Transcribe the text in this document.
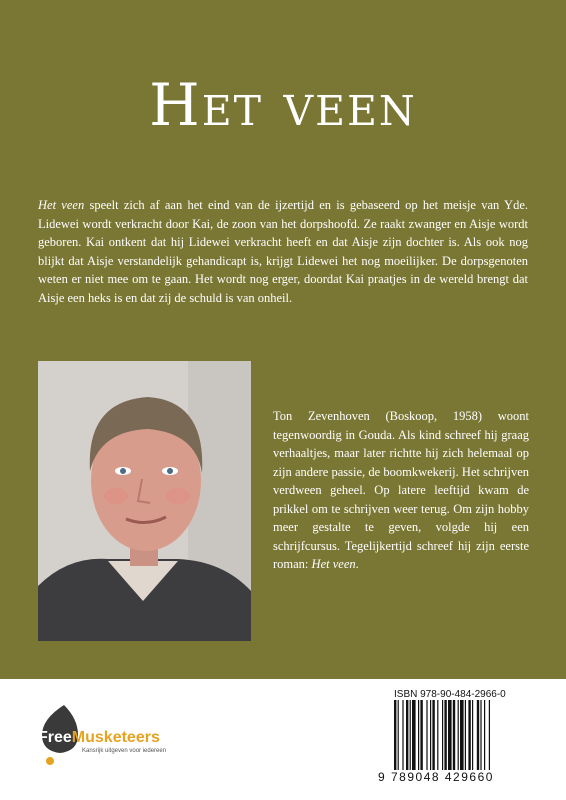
Het veen
Het veen speelt zich af aan het eind van de ijzertijd en is gebaseerd op het meisje van Yde. Lidewei wordt verkracht door Kai, de zoon van het dorpshoofd. Ze raakt zwanger en Aisje wordt geboren. Kai ontkent dat hij Lidewei verkracht heeft en dat Aisje zijn dochter is. Als ook nog blijkt dat Aisje verstandelijk gehandicapt is, krijgt Lidewei het nog moeilijker. De dorpsgenoten weten er niet mee om te gaan. Het wordt nog erger, doordat Kai praatjes in de wereld brengt dat Aisje een heks is en dat zij de schuld is van onheil.
Ton Zevenhoven (Boskoop, 1958) woont tegenwoordig in Gouda. Als kind schreef hij graag verhaaltjes, maar later richtte hij zich helemaal op zijn andere passie, de boomkwekerij. Het schrijven verdween geheel. Op latere leeftijd kwam de prikkel om te schrijven weer terug. Om zijn hobby meer gestalte te geven, volgde hij een schrijfcursus. Tegelijkertijd schreef hij zijn eerste roman: Het veen.
FreeMusketeers
Kansrijk uitgeven voor iedereen
ISBN 978-90-484-2966-0
9 789048 429660
